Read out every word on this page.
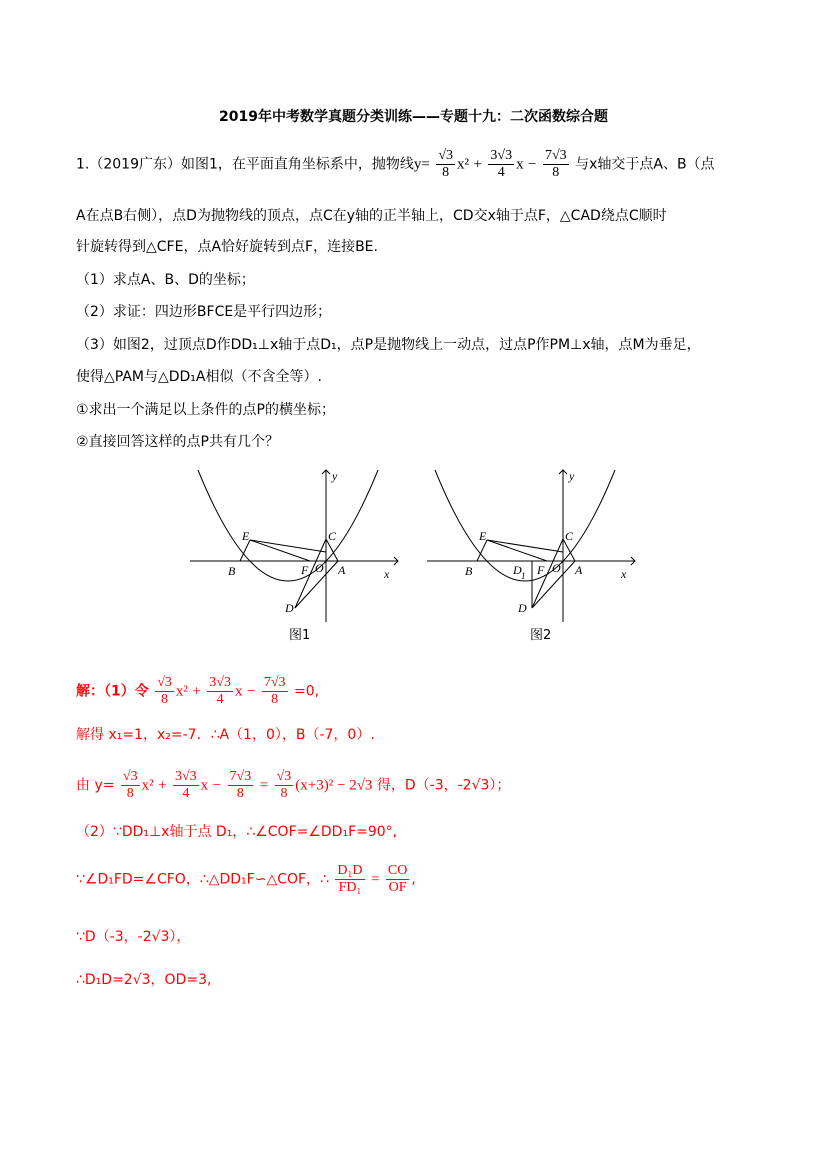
2019年中考数学真题分类训练——专题十九：二次函数综合题
1.（2019广东）如图1，在平面直角坐标系中，抛物线$y= \frac{√3}{8} x^2 + \frac{3√3}{4}$ $x - \frac{7√3}{8}$ 与x轴交于点A、B（点
A在点B右侧），点D为抛物线的顶点，点C在y轴的正半轴上，CD交x轴于点F，△CAD绕点C顺时
针旋转得到△CFE，点A恰好旋转到点F，连接BE.
（1）求点A、B、D的坐标；
（2）求证：四边形BFCE是平行四边形；
（3）如图2，过顶点D作DD₁⊥x轴于点D₁，点P是抛物线上一动点，过点P作PM⊥x轴，点M为垂足，
使得△PAM与△DD₁A相似（不含全等）.
①求出一个满足以上条件的点P的横坐标；
②直接回答这样的点P共有几个？
y
x
E	C
B	F O A
D
图1
y
x
E	C
B	D 1 F O A
D
图2
解：（1）令 $\frac{√3}{8} x^2 + \frac{3√3}{4}$ $x - \frac{7√3}{8} =0$,
解得 x₁=1，x₂=-7．∴A（1，0），B（-7，0）.
由 $y= \frac{√3}{8} x^2 + \frac{3√3}{4}$ $x - \frac{7√3}{8} = \frac{√3}{8} (x+3)^2 - 2√3$ 得，D（-3，-2√3）；
（2）∵DD₁⊥x轴于点 D₁，∴∠COF=∠DD₁F=90°,
∵∠D₁FD=∠CFO，∴△DD₁F∽△COF，∴ $\frac{\text{D₁D}}{\text{FD₁}} = \frac{CO}{OF}$ ,
∵D（-3，-2√3），
∴D₁D=2√3，OD=3,
